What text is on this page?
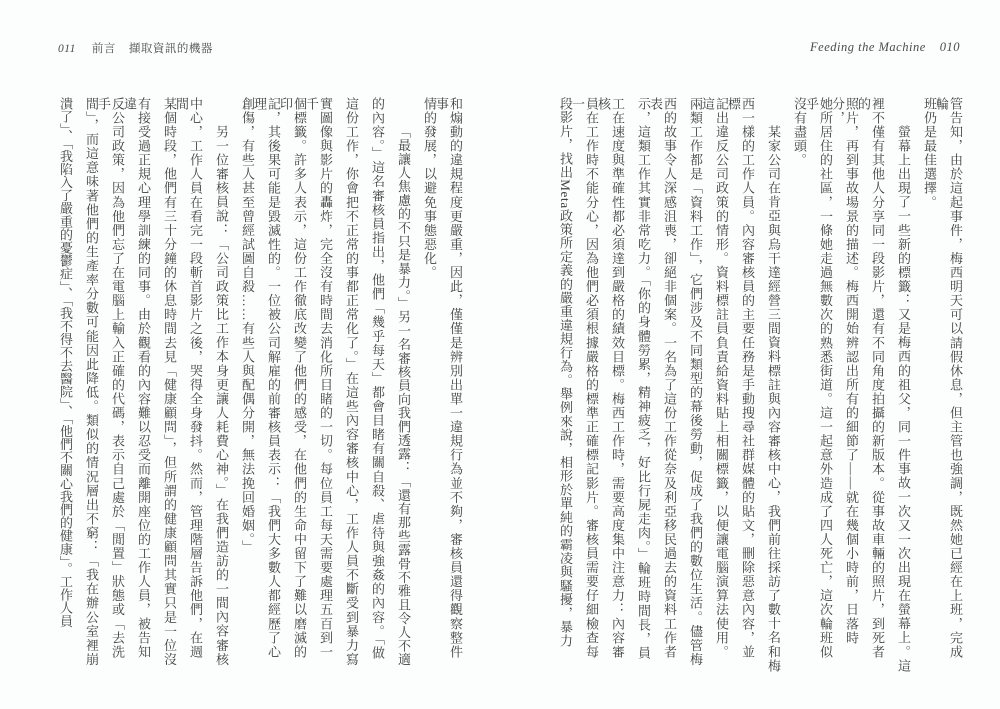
011 前言 擷取資訊的機器	Feeding the Machine 010
和煽動的違規程度更嚴重，因此，僅僅是辨別出單一違規行為並不夠，審核員還得觀察整件事
情的發展，以避免事態惡化。
「最讓人焦慮的不只是暴力。」另一名審核員向我們透露：「還有那些露骨不雅且令人不適
的內容。」這名審核員指出，他們「幾乎每天」都會目睹有關自殺、虐待與強姦的內容。「做
這份工作，你會把不正常的事都正常化了。」在這些內容審核中心，工作人員不斷受到暴力寫
實圖像與影片的轟炸，完全沒有時間去消化所目睹的一切。每位員工每天需要處理五百到一千
個標籤。許多人表示，這份工作徹底改變了他們的感受，在他們的生命中留下了難以磨滅的印
記，其後果可能是毀滅性的。一位被公司解雇的前審核員表示：「我們大多數人都經歷了心理
創傷，有些人甚至曾經試圖自殺……有些人與配偶分開，無法挽回婚姻。」
另一位審核員說：「公司政策比工作本身更讓人耗費心神。」在我們造訪的一間內容審核
中心，工作人員在看完一段斬首影片之後，哭得全身發抖。然而，管理階層告訴他們，在週間
某個時段，他們有三十分鐘的休息時間去見「健康顧問」，但所謂的健康顧問其實只是一位沒
有接受過正規心理學訓練的同事。由於觀看的內容難以忍受而離開座位的工作人員，被告知違
反公司政策，因為他們忘了在電腦上輸入正確的代碼，表示自己處於「閒置」狀態或「去洗手
間」，而這意味著他們的生產率分數可能因此降低。類似的情況層出不窮：「我在辦公室裡崩
潰了」、「我陷入了嚴重的憂鬱症」、「我不得不去醫院」、「他們不關心我們的健康」。工作人員	管告知，由於這起事件，梅西明天可以請假休息，但主管也強調，既然她已經在上班，完成輪
班仍是最佳選擇。
螢幕上出現了一些新的標籤：又是梅西的祖父，同一件事故一次又一次出現在螢幕上。這
裡不僅有其他人分享同一段影片，還有不同角度拍攝的新版本。從事故車輛的照片，到死者的
照片，再到事故場景的描述。梅西開始辨認出所有的細節了——就在幾個小時前，日落時分，
她所居住的社區，一條她走過無數次的熟悉街道。這一起意外造成了四人死亡，這次輪班似乎
沒有盡頭。
某家公司在肯亞與烏干達經營三間資料標註與內容審核中心，我們前往採訪了數十名和梅
西一樣的工作人員。內容審核員的主要任務是手動搜尋社群媒體的貼文，刪除惡意內容，並標
記出違反公司政策的情形。資料標註員負責給資料貼上相關標籤，以便讓電腦演算法使用。這
兩類工作都是「資料工作」，它們涉及不同類型的幕後勞動，促成了我們的數位生活。儘管梅
西的故事令人深感沮喪，卻絕非個案。一名為了這份工作從奈及利亞移民過去的資料工作者表
示，這類工作其實非常吃力。「你的身體勞累，精神疲乏，好比行屍走肉。」輪班時間長，員
工在速度與準確性都必須達到嚴格的績效目標。梅西工作時，需要高度集中注意力：內容審核
員在工作時不能分心，因為他們必須根據嚴格的標準正確標記影片。審核員需要仔細檢查每一
段影片，找出Meta政策所定義的嚴重違規行為。舉例來說，相形於單純的霸凌與騷擾，暴力
